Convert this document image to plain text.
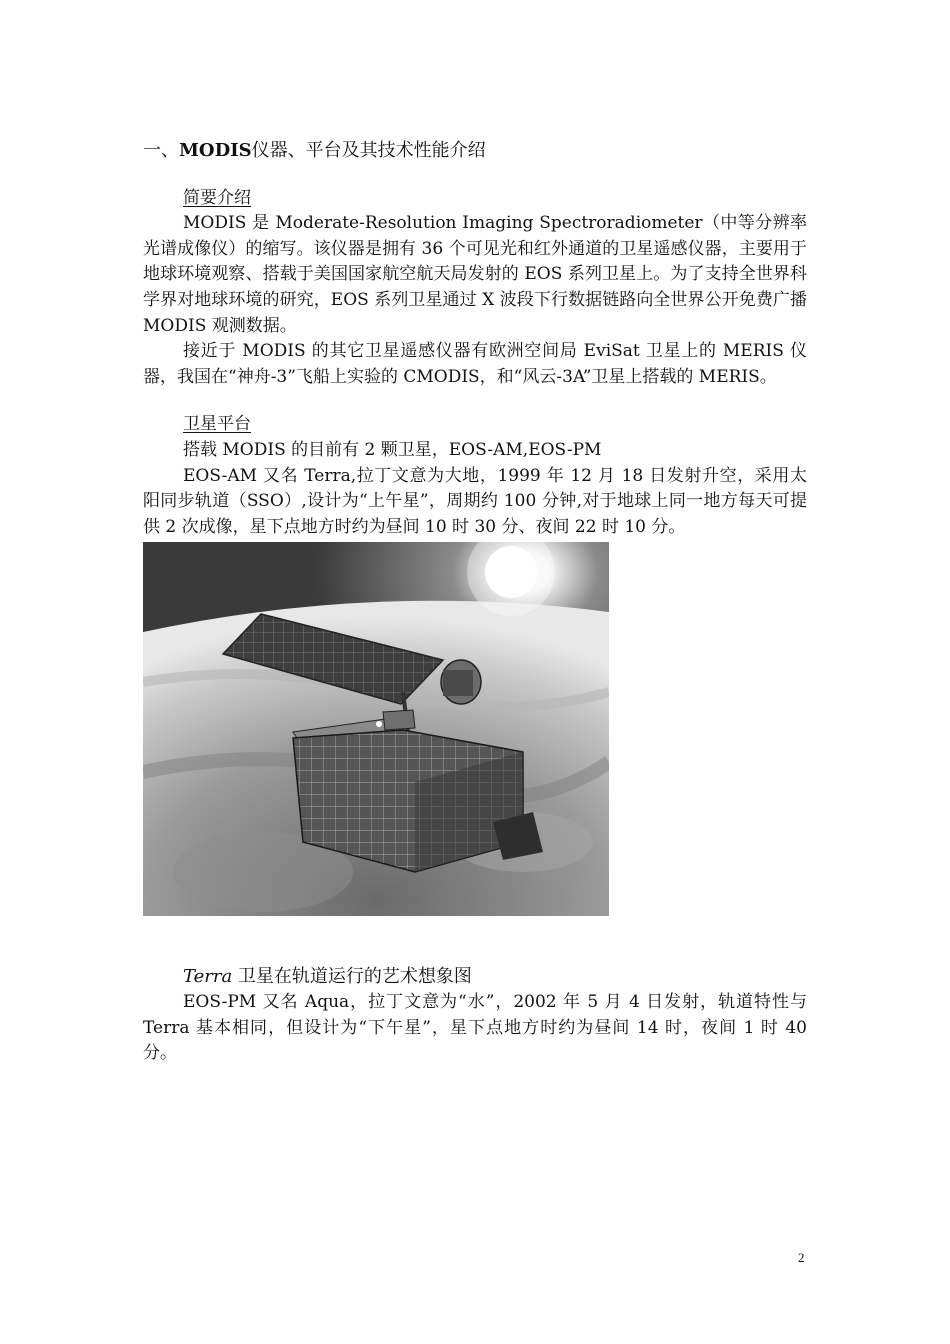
一、MODIS仪器、平台及其技术性能介绍
简要介绍

MODIS 是 Moderate-Resolution Imaging Spectroradiometer（中等分辨率光谱成像仪）的缩写。该仪器是拥有 36 个可见光和红外通道的卫星遥感仪器，主要用于地球环境观察、搭载于美国国家航空航天局发射的 EOS 系列卫星上。为了支持全世界科学界对地球环境的研究，EOS 系列卫星通过 X 波段下行数据链路向全世界公开免费广播 MODIS 观测数据。

接近于 MODIS 的其它卫星遥感仪器有欧洲空间局 EviSat 卫星上的 MERIS 仪器，我国在“神舟-3”飞船上实验的 CMODIS，和“风云-3A”卫星上搭载的 MERIS。

卫星平台

搭载 MODIS 的目前有 2 颗卫星，EOS-AM,EOS-PM

EOS-AM 又名 Terra,拉丁文意为大地，1999 年 12 月 18 日发射升空，采用太阳同步轨道（SSO）,设计为“上午星”，周期约 100 分钟,对于地球上同一地方每天可提供 2 次成像，星下点地方时约为昼间 10 时 30 分、夜间 22 时 10 分。

Terra 卫星在轨道运行的艺术想象图

EOS-PM 又名 Aqua，拉丁文意为“水”，2002 年 5 月 4 日发射，轨道特性与 Terra 基本相同，但设计为“下午星”，星下点地方时约为昼间 14 时，夜间 1 时 40 分。

2
